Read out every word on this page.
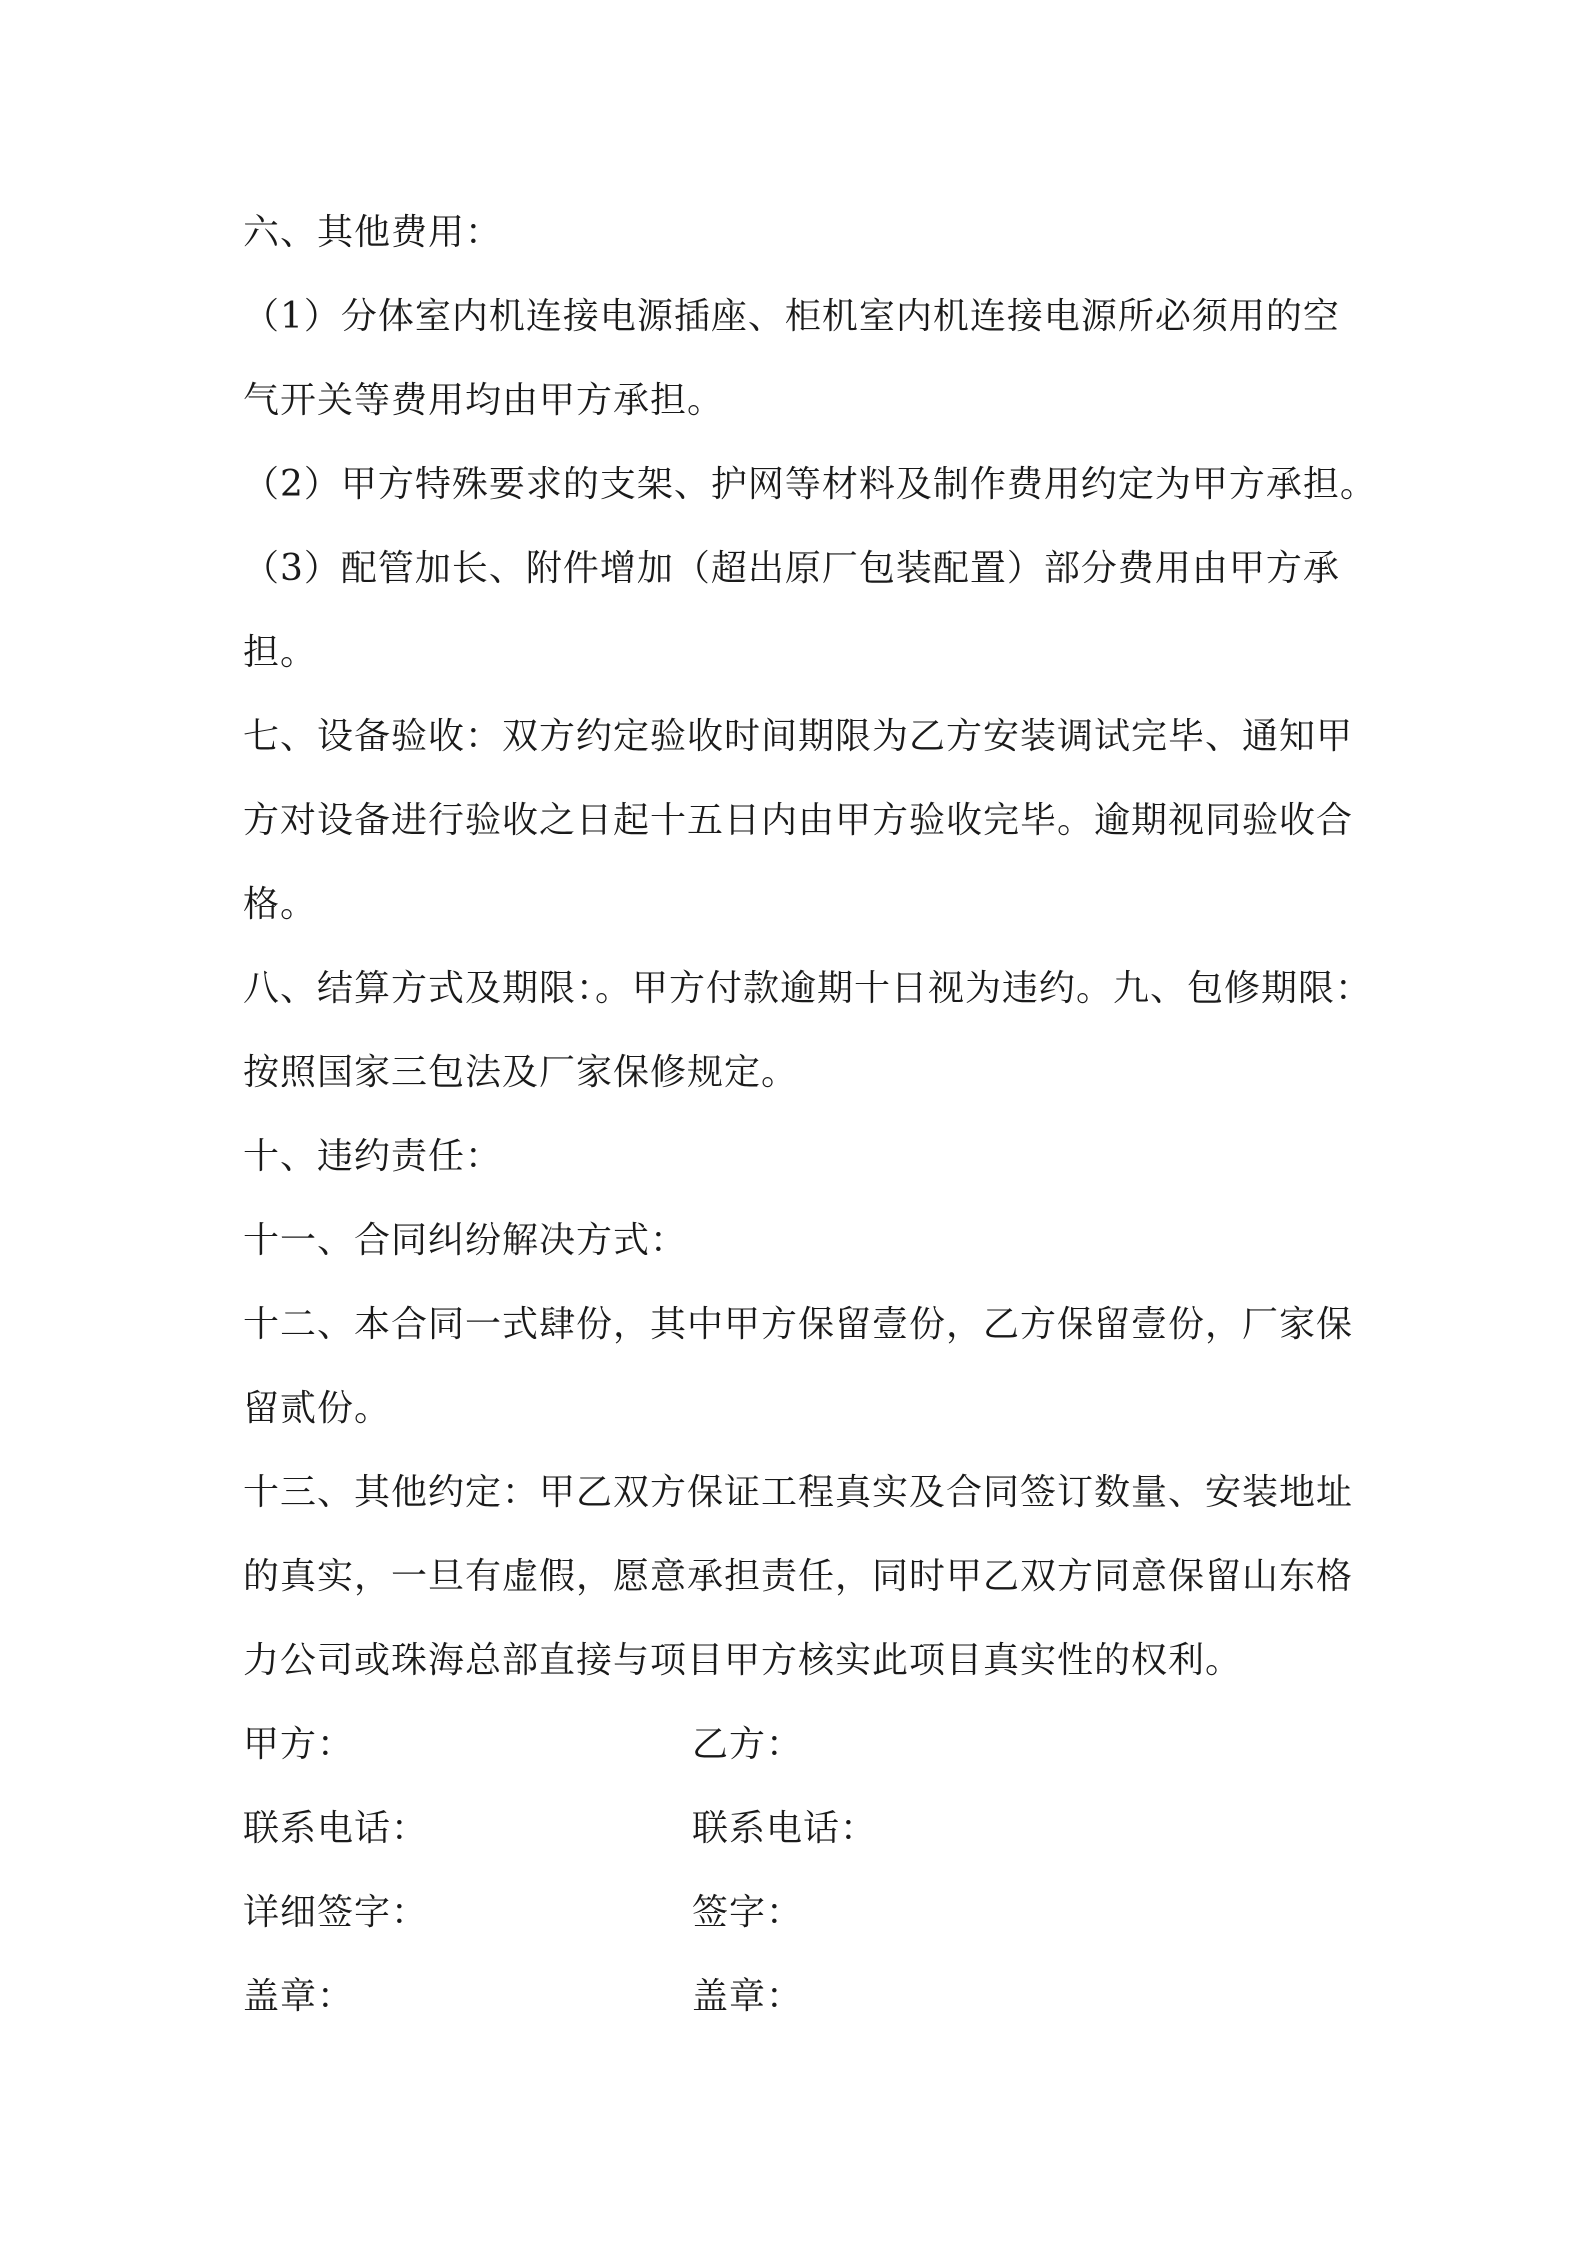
六、其他费用：
（1）分体室内机连接电源插座、柜机室内机连接电源所必须用的空
气开关等费用均由甲方承担。
（2）甲方特殊要求的支架、护网等材料及制作费用约定为甲方承担。
（3）配管加长、附件增加（超出原厂包装配置）部分费用由甲方承
担。
七、设备验收：双方约定验收时间期限为乙方安装调试完毕、通知甲
方对设备进行验收之日起十五日内由甲方验收完毕。逾期视同验收合
格。
八、结算方式及期限：。甲方付款逾期十日视为违约。九、包修期限：
按照国家三包法及厂家保修规定。
十、违约责任：
十一、合同纠纷解决方式：
十二、本合同一式肆份，其中甲方保留壹份，乙方保留壹份，厂家保
留贰份。
十三、其他约定：甲乙双方保证工程真实及合同签订数量、安装地址
的真实，一旦有虚假，愿意承担责任，同时甲乙双方同意保留山东格
力公司或珠海总部直接与项目甲方核实此项目真实性的权利。
甲方：	乙方：
联系电话：	联系电话：
详细签字：	签字：
盖章：	盖章：
